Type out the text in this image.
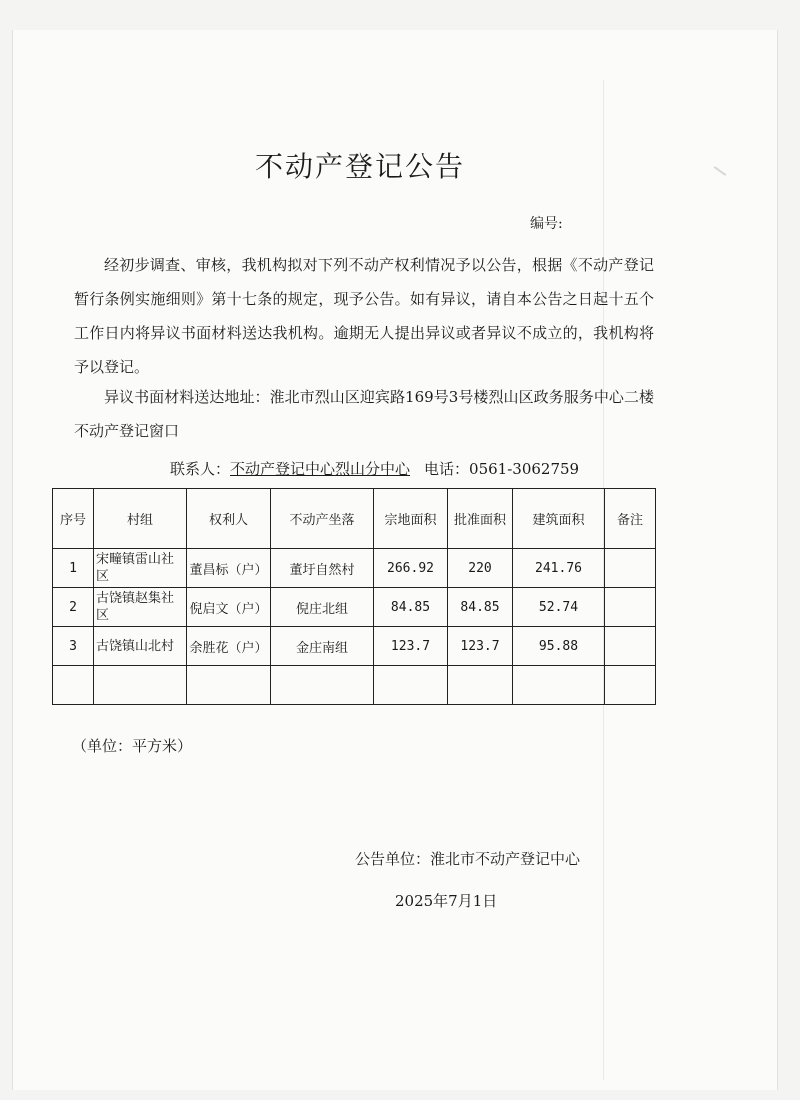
不动产登记公告
编号:
经初步调查、审核，我机构拟对下列不动产权利情况予以公告，根据《不动产登记暂行条例实施细则》第十七条的规定，现予公告。如有异议，请自本公告之日起十五个工作日内将异议书面材料送达我机构。逾期无人提出异议或者异议不成立的，我机构将予以登记。
异议书面材料送达地址：淮北市烈山区迎宾路169号3号楼烈山区政务服务中心二楼不动产登记窗口
联系人：不动产登记中心烈山分中心 电话：0561-3062759
序号	村组	权利人	不动产坐落	宗地面积	批准面积	建筑面积	备注
1	宋疃镇雷山社区	董昌标（户）	董圩自然村	266.92	220	241.76	
2	古饶镇赵集社区	倪启文（户）	倪庄北组	84.85	84.85	52.74	
3	古饶镇山北村	余胜花（户）	金庄南组	123.7	123.7	95.88	

（单位：平方米）
公告单位：淮北市不动产登记中心
2025年7月1日
